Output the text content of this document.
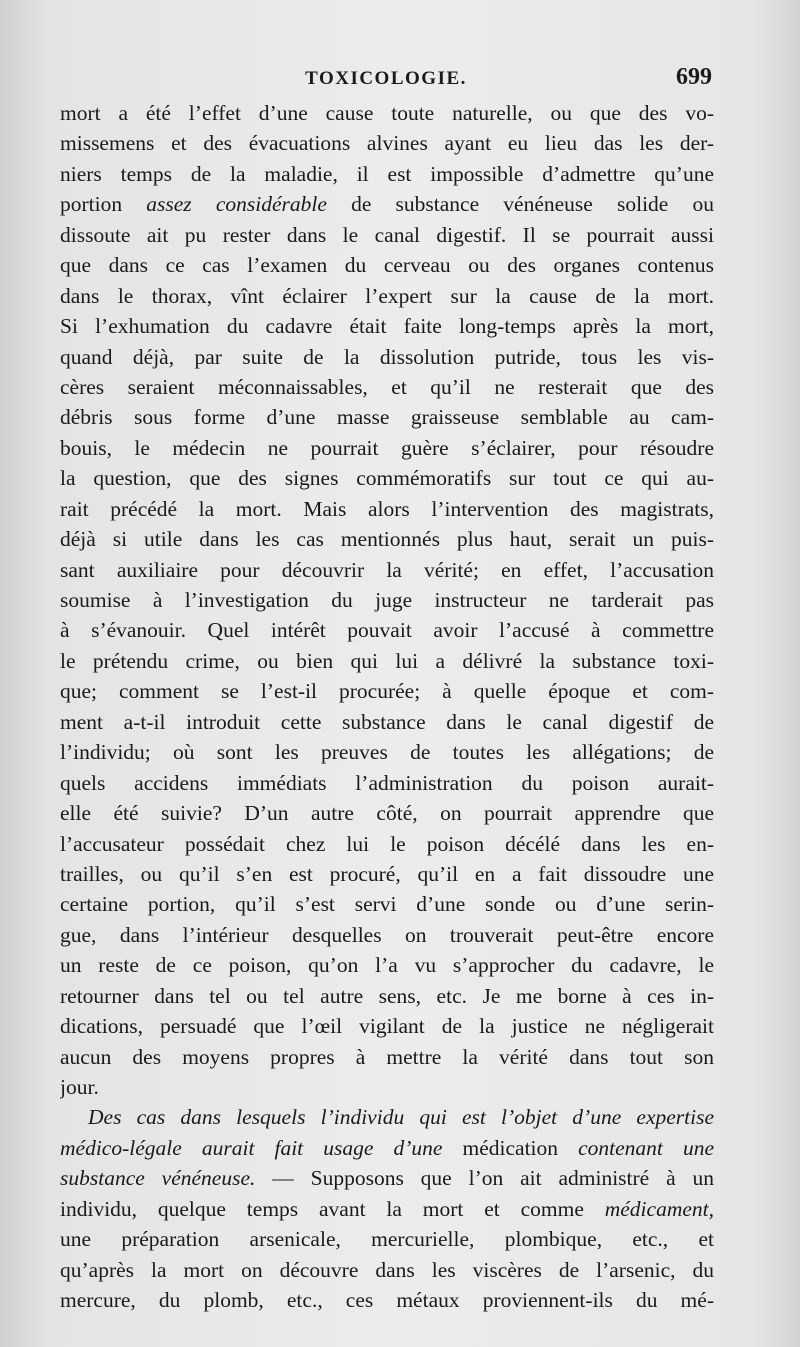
TOXICOLOGIE.	699
mort a été l’effet d’une cause toute naturelle, ou que des vo-
missemens et des évacuations alvines ayant eu lieu das les der-
niers temps de la maladie, il est impossible d’admettre qu’une
portion assez considérable de substance vénéneuse solide ou
dissoute ait pu rester dans le canal digestif. Il se pourrait aussi
que dans ce cas l’examen du cerveau ou des organes contenus
dans le thorax, vînt éclairer l’expert sur la cause de la mort.
Si l’exhumation du cadavre était faite long-temps après la mort,
quand déjà, par suite de la dissolution putride, tous les vis-
cères seraient méconnaissables, et qu’il ne resterait que des
débris sous forme d’une masse graisseuse semblable au cam-
bouis, le médecin ne pourrait guère s’éclairer, pour résoudre
la question, que des signes commémoratifs sur tout ce qui au-
rait précédé la mort. Mais alors l’intervention des magistrats,
déjà si utile dans les cas mentionnés plus haut, serait un puis-
sant auxiliaire pour découvrir la vérité; en effet, l’accusation
soumise à l’investigation du juge instructeur ne tarderait pas
à s’évanouir. Quel intérêt pouvait avoir l’accusé à commettre
le prétendu crime, ou bien qui lui a délivré la substance toxi-
que; comment se l’est-il procurée; à quelle époque et com-
ment a-t-il introduit cette substance dans le canal digestif de
l’individu; où sont les preuves de toutes les allégations; de
quels accidens immédiats l’administration du poison aurait-
elle été suivie? D’un autre côté, on pourrait apprendre que
l’accusateur possédait chez lui le poison décélé dans les en-
trailles, ou qu’il s’en est procuré, qu’il en a fait dissoudre une
certaine portion, qu’il s’est servi d’une sonde ou d’une serin-
gue, dans l’intérieur desquelles on trouverait peut-être encore
un reste de ce poison, qu’on l’a vu s’approcher du cadavre, le
retourner dans tel ou tel autre sens, etc. Je me borne à ces in-
dications, persuadé que l’œil vigilant de la justice ne négligerait
aucun des moyens propres à mettre la vérité dans tout son
jour.
Des cas dans lesquels l’individu qui est l’objet d’une expertise
médico-légale aurait fait usage d’une médication contenant une
substance vénéneuse. — Supposons que l’on ait administré à un
individu, quelque temps avant la mort et comme médicament,
une préparation arsenicale, mercurielle, plombique, etc., et
qu’après la mort on découvre dans les viscères de l’arsenic, du
mercure, du plomb, etc., ces métaux proviennent-ils du mé-
